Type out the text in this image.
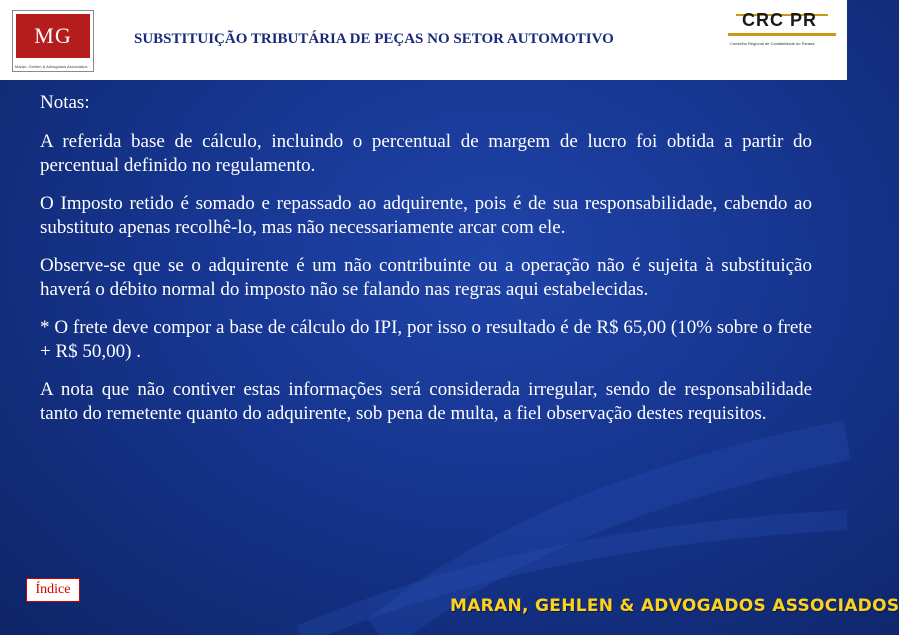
MG
Maran, Gehlen & Advogados Associados
SUBSTITUIÇÃO TRIBUTÁRIA DE PEÇAS NO SETOR AUTOMOTIVO
CRC PR
Conselho Regional de Contabilidade do Paraná
Notas:

A referida base de cálculo, incluindo o percentual de margem de lucro foi obtida a partir do percentual definido no regulamento.

O Imposto retido é somado e repassado ao adquirente, pois é de sua responsabilidade, cabendo ao substituto apenas recolhê-lo, mas não necessariamente arcar com ele.

Observe-se que se o adquirente é um não contribuinte ou a operação não é sujeita à substituição haverá o débito normal do imposto não se falando nas regras aqui estabelecidas.

* O frete deve compor a base de cálculo do IPI, por isso o resultado é de R$ 65,00 (10% sobre o frete + R$ 50,00) .

A nota que não contiver estas informações será considerada irregular, sendo de responsabilidade tanto do remetente quanto do adquirente, sob pena de multa, a fiel observação destes requisitos.

Índice
MARAN, GEHLEN & ADVOGADOS ASSOCIADOS
